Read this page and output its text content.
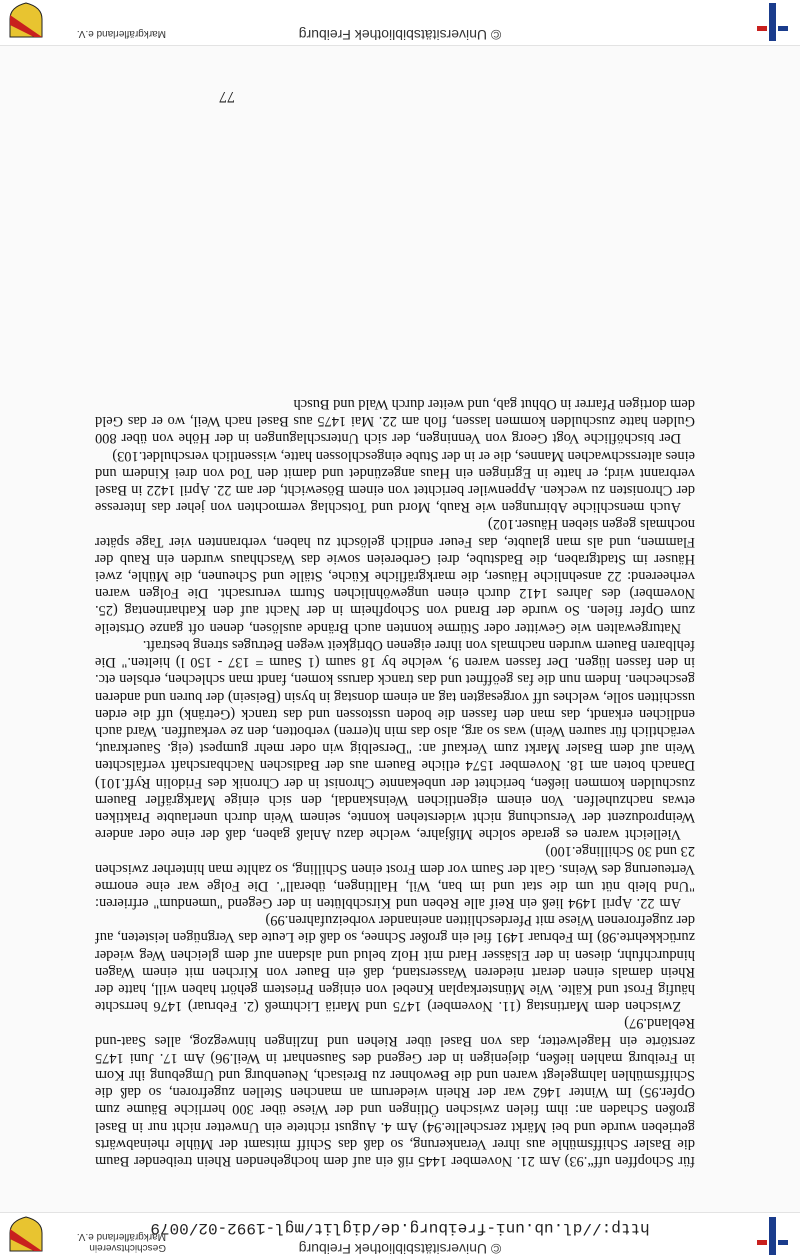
© Universitätsbibliothek Freiburg
http://dl.ub.uni-freiburg.de/diglit/mgl-1992-02/0079
Geschichtsverein
Markgräflerland e.V.

für Schopffen uff“.93) Am 21. November 1445 riß ein auf dem hochgehenden Rhein treibender Baum die Basler Schiffsmühle aus ihrer Verankerung, so daß das Schiff mitsamt der Mühle rheinabwärts getrieben wurde und bei Märkt zerschellte.94) Am 4. August richtete ein Unwetter nicht nur in Basel großen Schaden an: ihm fielen zwischen Ötlingen und der Wiese über 300 herrliche Bäume zum Opfer.95) Im Winter 1462 war der Rhein wiederum an manchen Stellen zugefroren, so daß die Schiffsmühlen lahmgelegt waren und die Bewohner zu Breisach, Neuenburg und Umgebung ihr Korn in Freiburg mahlen ließen, diejenigen in der Gegend des Sausenhart in Weil.96) Am 17. Juni 1475 zerstörte ein Hagelwetter, das von Basel über Riehen und Inzlingen hinwegzog, alles Saat-und Rebland.97)

Zwischen dem Martinstag (11. November) 1475 und Mariä Lichtmeß (2. Februar) 1476 herrschte häufig Frost und Kälte. Wie Münsterkaplan Knebel von einigen Priestern gehört haben will, hatte der Rhein damals einen derart niederen Wasserstand, daß ein Bauer von Kirchen mit einem Wagen hindurchfuhr, diesen in der Elsässer Hard mit Holz belud und alsdann auf dem gleichen Weg wieder zurückkehrte.98) Im Februar 1491 fiel ein großer Schnee, so daß die Leute das Vergnügen leisteten, auf der zugefrorenen Wiese mit Pferdeschlitten aneinander vorbeizufahren.99)

Am 22. April 1494 ließ ein Reif alle Reben und Kirschblüten in der Gegend "umendum" erfrieren: "Und bleib nüt um die stat und im ban, Wil, Halltingen, überall". Die Folge war eine enorme Verteuerung des Weins. Galt der Saum vor dem Frost einen Schilling, so zahlte man hinterher zwischen 23 und 30 Schillinge.100)

Vielleicht waren es gerade solche Mißjahre, welche dazu Anlaß gaben, daß der eine oder andere Weinproduzent der Versuchung nicht widerstehen konnte, seinem Wein durch unerlaubte Praktiken etwas nachzuhelfen. Von einem eigentlichen Weinskandal, den sich einige Markgräfler Bauern zuschulden kommen ließen, berichtet der unbekannte Chronist in der Chronik des Fridolin Ryff.101) Danach boten am 18. November 1574 etliche Bauern aus der Badischen Nachbarschaft verfälschten Wein auf dem Basler Markt zum Verkauf an: "Derselbig win oder mehr gumpest (eig. Sauerkraut, verächtlich für sauren Wein) was so arg, also das min h(erren) verbotten, den ze verkauffen. Ward auch endlichen erkandt, das man den fassen die boden usstossen und das tranck (Getränk) uff die erden usschitten solle, welches uff vorgesagten tag an einem donstag in bysin (Beisein) der buren und anderen geschechen. Indem nun die fas geöffnet und das tranck daruss komen, fandt man schlechen, erbslen etc. in den fassen lügen. Der fassen waren 9, welche by 18 saum (1 Saum = 137 - 150 l) hielten." Die fehlbaren Bauern wurden nachmals von ihrer eigenen Obrigkeit wegen Betruges streng bestraft.

Naturgewalten wie Gewitter oder Stürme konnten auch Brände auslösen, denen oft ganze Ortsteile zum Opfer fielen. So wurde der Brand von Schopfheim in der Nacht auf den Katharinentag (25. November) des Jahres 1412 durch einen ungewöhnlichen Sturm verursacht. Die Folgen waren verheerend: 22 ansehnliche Häuser, die markgräfliche Küche, Ställe und Scheunen, die Mühle, zwei Häuser im Stadtgraben, die Badstube, drei Gerbereien sowie das Waschhaus wurden ein Raub der Flammen, und als man glaubte, das Feuer endlich gelöscht zu haben, verbrannten vier Tage später nochmals gegen sieben Häuser.102)

Auch menschliche Abirrungen wie Raub, Mord und Totschlag vermochten von jeher das Interesse der Chronisten zu wecken. Appenwiler berichtet von einem Bösewicht, der am 22. April 1422 in Basel verbrannt wird; er hatte in Egringen ein Haus angezündet und damit den Tod von drei Kindern und eines altersschwachen Mannes, die er in der Stube eingeschlossen hatte, wissentlich verschuldet.103)

Der bischöfliche Vogt Georg von Venningen, der sich Unterschlagungen in der Höhe von über 800 Gulden hatte zuschulden kommen lassen, floh am 22. Mai 1475 aus Basel nach Weil, wo er das Geld dem dortigen Pfarrer in Obhut gab, und weiter durch Wald und Busch

77
© Universitätsbibliothek Freiburg
Markgräflerland e.V.
